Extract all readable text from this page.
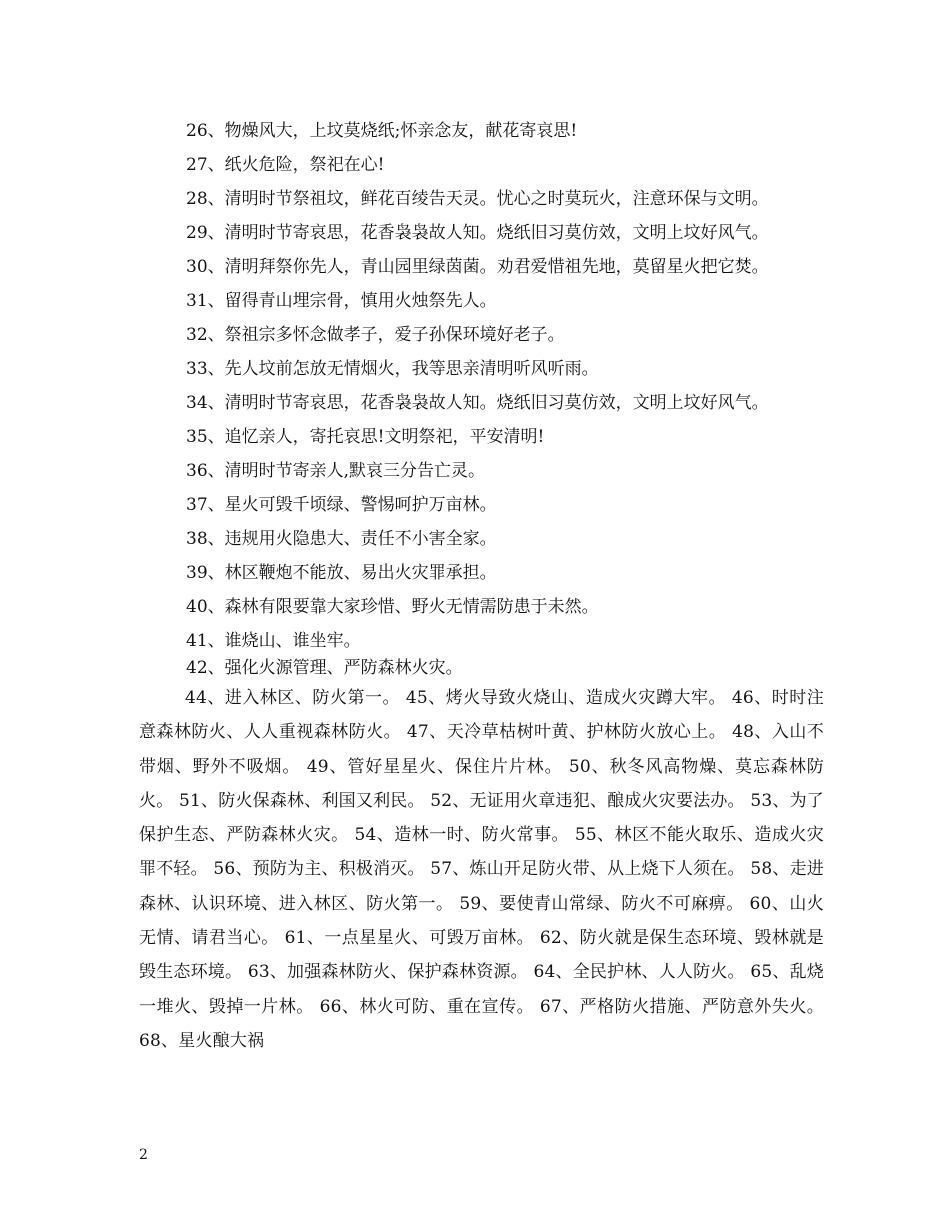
26、物燥风大，上坟莫烧纸;怀亲念友，献花寄哀思!
27、纸火危险，祭祀在心!
28、清明时节祭祖坟，鲜花百绫告天灵。忧心之时莫玩火，注意环保与文明。
29、清明时节寄哀思，花香袅袅故人知。烧纸旧习莫仿效，文明上坟好风气。
30、清明拜祭你先人，青山园里绿茵菌。劝君爱惜祖先地，莫留星火把它焚。
31、留得青山埋宗骨，慎用火烛祭先人。
32、祭祖宗多怀念做孝子，爱子孙保环境好老子。
33、先人坟前怎放无情烟火，我等思亲清明听风听雨。
34、清明时节寄哀思，花香袅袅故人知。烧纸旧习莫仿效，文明上坟好风气。
35、追忆亲人，寄托哀思!文明祭祀，平安清明!
36、清明时节寄亲人,默哀三分告亡灵。
37、星火可毁千顷绿、警惕呵护万亩林。
38、违规用火隐患大、责任不小害全家。
39、林区鞭炮不能放、易出火灾罪承担。
40、森林有限要靠大家珍惜、野火无情需防患于未然。
41、谁烧山、谁坐牢。
42、强化火源管理、严防森林火灾。
44、进入林区、防火第一。 45、烤火导致火烧山、造成火灾蹲大牢。 46、时时注意森林防火、人人重视森林防火。 47、天冷草枯树叶黄、护林防火放心上。 48、入山不带烟、野外不吸烟。 49、管好星星火、保住片片林。 50、秋冬风高物燥、莫忘森林防火。 51、防火保森林、利国又利民。 52、无证用火章违犯、酿成火灾要法办。 53、为了保护生态、严防森林火灾。 54、造林一时、防火常事。 55、林区不能火取乐、造成火灾罪不轻。 56、预防为主、积极消灭。 57、炼山开足防火带、从上烧下人须在。 58、走进森林、认识环境、进入林区、防火第一。 59、要使青山常绿、防火不可麻痹。 60、山火无情、请君当心。 61、一点星星火、可毁万亩林。 62、防火就是保生态环境、毁林就是毁生态环境。 63、加强森林防火、保护森林资源。 64、全民护林、人人防火。 65、乱烧一堆火、毁掉一片林。 66、林火可防、重在宣传。 67、严格防火措施、严防意外失火。 68、星火酿大祸
2
